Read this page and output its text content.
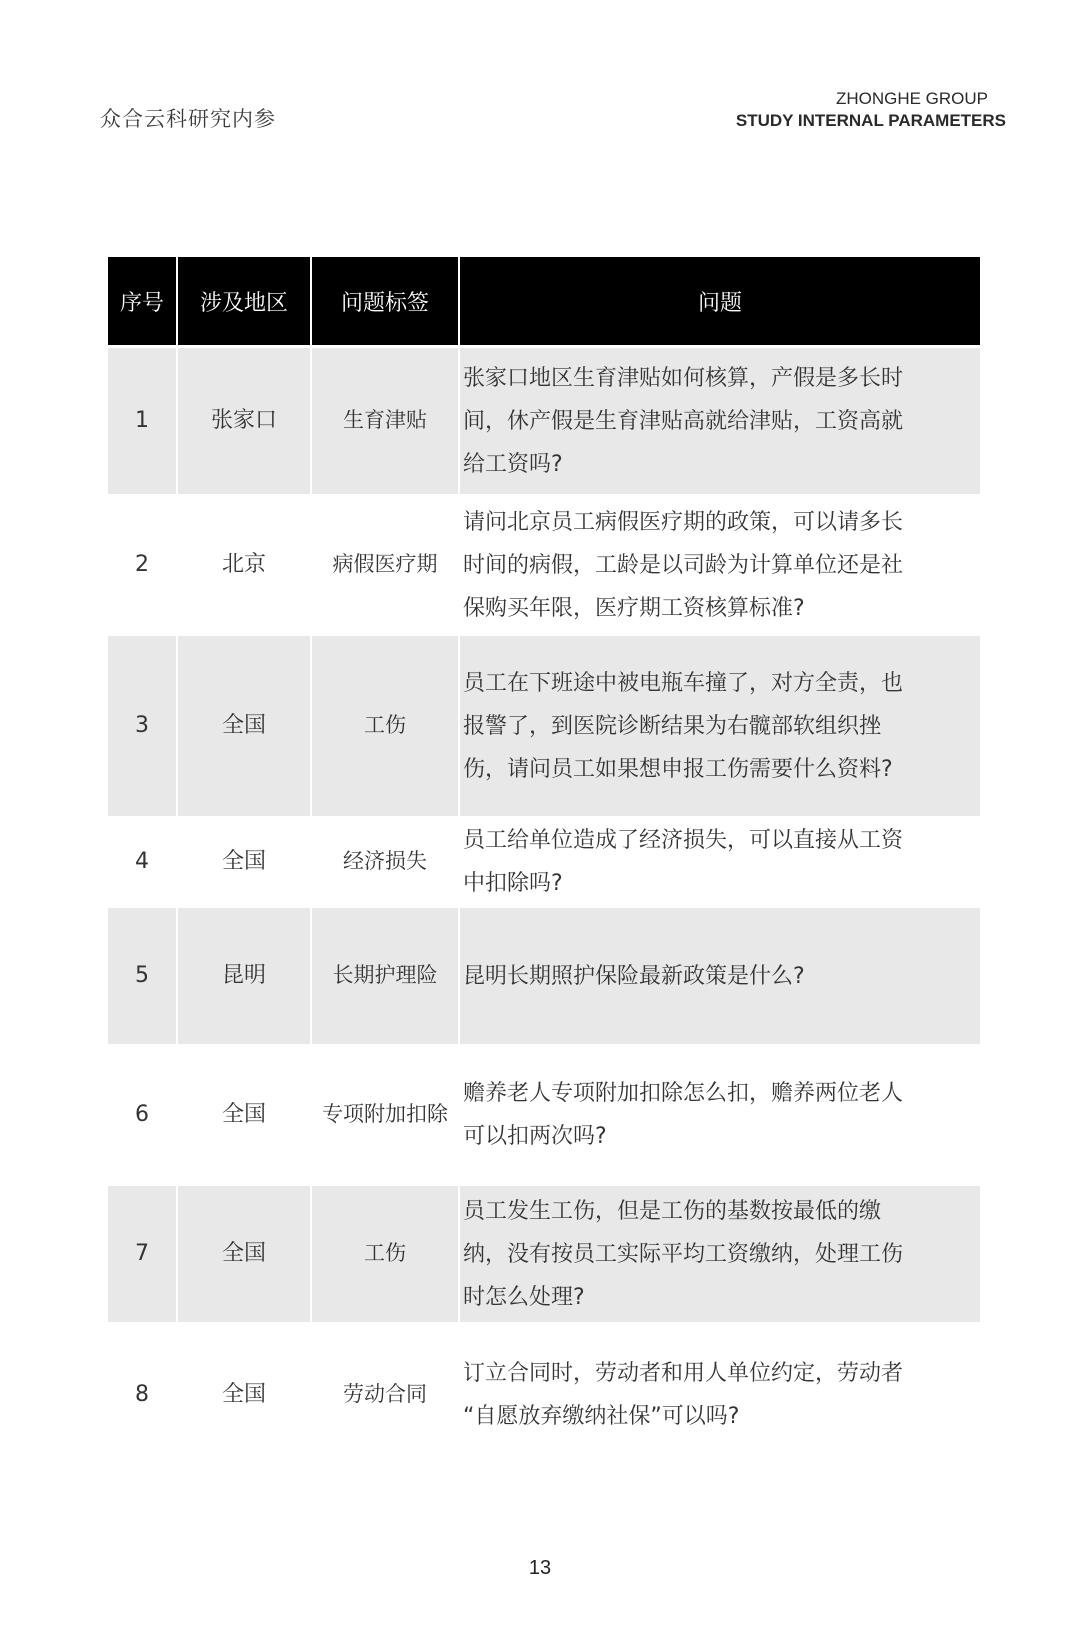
众合云科研究内参
ZHONGHE GROUP
STUDY INTERNAL PARAMETERS
序号	涉及地区	问题标签	问题
1	张家口	生育津贴	张家口地区生育津贴如何核算，产假是多长时
间，休产假是生育津贴高就给津贴，工资高就
给工资吗?
2	北京	病假医疗期	请问北京员工病假医疗期的政策，可以请多长
时间的病假，工龄是以司龄为计算单位还是社
保购买年限，医疗期工资核算标准?
3	全国	工伤	员工在下班途中被电瓶车撞了，对方全责，也
报警了，到医院诊断结果为右髋部软组织挫
伤，请问员工如果想申报工伤需要什么资料?
4	全国	经济损失	员工给单位造成了经济损失，可以直接从工资
中扣除吗?
5	昆明	长期护理险	昆明长期照护保险最新政策是什么?
6	全国	专项附加扣除	赡养老人专项附加扣除怎么扣，赡养两位老人
可以扣两次吗?
7	全国	工伤	员工发生工伤，但是工伤的基数按最低的缴
纳，没有按员工实际平均工资缴纳，处理工伤
时怎么处理?
8	全国	劳动合同	订立合同时，劳动者和用人单位约定，劳动者
“自愿放弃缴纳社保”可以吗?
13
